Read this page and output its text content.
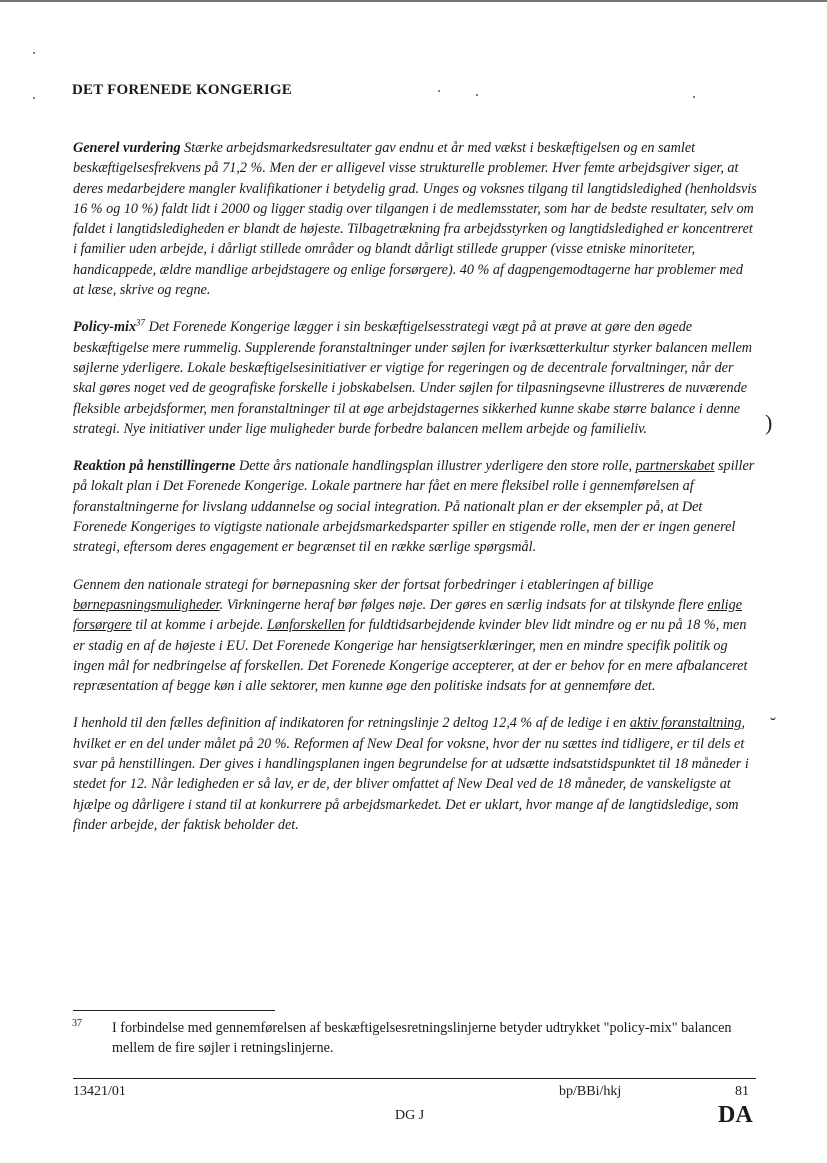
DET FORENEDE KONGERIGE

Generel vurdering Stærke arbejdsmarkedsresultater gav endnu et år med vækst i beskæftigelsen og en samlet beskæftigelsesfrekvens på 71,2 %. Men der er alligevel visse strukturelle problemer. Hver femte arbejdsgiver siger, at deres medarbejdere mangler kvalifikationer i betydelig grad. Unges og voksnes tilgang til langtidsledighed (henholdsvis 16 % og 10 %) faldt lidt i 2000 og ligger stadig over tilgangen i de medlemsstater, som har de bedste resultater, selv om faldet i langtidsledigheden er blandt de højeste. Tilbagetrækning fra arbejdsstyrken og langtidsledighed er koncentreret i familier uden arbejde, i dårligt stillede områder og blandt dårligt stillede grupper (visse etniske minoriteter, handicappede, ældre mandlige arbejdstagere og enlige forsørgere). 40 % af dagpengemodtagerne har problemer med at læse, skrive og regne.

Policy-mix$^{37}$ Det Forenede Kongerige lægger i sin beskæftigelsesstrategi vægt på at prøve at gøre den øgede beskæftigelse mere rummelig. Supplerende foranstaltninger under søjlen for iværksætterkultur styrker balancen mellem søjlerne yderligere. Lokale beskæftigelsesinitiativer er vigtige for regeringen og de decentrale forvaltninger, når der skal gøres noget ved de geografiske forskelle i jobskabelsen. Under søjlen for tilpasningsevne illustreres de nuværende fleksible arbejdsformer, men foranstaltninger til at øge arbejdstagernes sikkerhed kunne skabe større balance i denne strategi. Nye initiativer under lige muligheder burde forbedre balancen mellem arbejde og familieliv.

Reaktion på henstillingerne Dette års nationale handlingsplan illustrer yderligere den store rolle, partnerskabet spiller på lokalt plan i Det Forenede Kongerige. Lokale partnere har fået en mere fleksibel rolle i gennemførelsen af foranstaltningerne for livslang uddannelse og social integration. På nationalt plan er der eksempler på, at Det Forenede Kongeriges to vigtigste nationale arbejdsmarkedsparter spiller en stigende rolle, men der er ingen generel strategi, eftersom deres engagement er begrænset til en række særlige spørgsmål.

Gennem den nationale strategi for børnepasning sker der fortsat forbedringer i etableringen af billige børnepasningsmuligheder. Virkningerne heraf bør følges nøje. Der gøres en særlig indsats for at tilskynde flere enlige forsørgere til at komme i arbejde. Lønforskellen for fuldtidsarbejdende kvinder blev lidt mindre og er nu på 18 %, men er stadig en af de højeste i EU. Det Forenede Kongerige har hensigtserklæringer, men en mindre specifik politik og ingen mål for nedbringelse af forskellen. Det Forenede Kongerige accepterer, at der er behov for en mere afbalanceret repræsentation af begge køn i alle sektorer, men kunne øge den politiske indsats for at gennemføre det.

I henhold til den fælles definition af indikatoren for retningslinje 2 deltog 12,4 % af de ledige i en aktiv foranstaltning, hvilket er en del under målet på 20 %. Reformen af New Deal for voksne, hvor der nu sættes ind tidligere, er til dels et svar på henstillingen. Der gives i handlingsplanen ingen begrundelse for at udsætte indsatstidspunktet til 18 måneder i stedet for 12. Når ledigheden er så lav, er de, der bliver omfattet af New Deal ved de 18 måneder, de vanskeligste at hjælpe og dårligere i stand til at konkurrere på arbejdsmarkedet. Det er uklart, hvor mange af de langtidsledige, som finder arbejde, der faktisk beholder det.

)
˘
37 I forbindelse med gennemførelsen af beskæftigelsesretningslinjerne betyder udtrykket "policy-mix" balancen mellem de fire søjler i retningslinjerne.
13421/01	bp/BBi/hkj	81
DG J	DA
